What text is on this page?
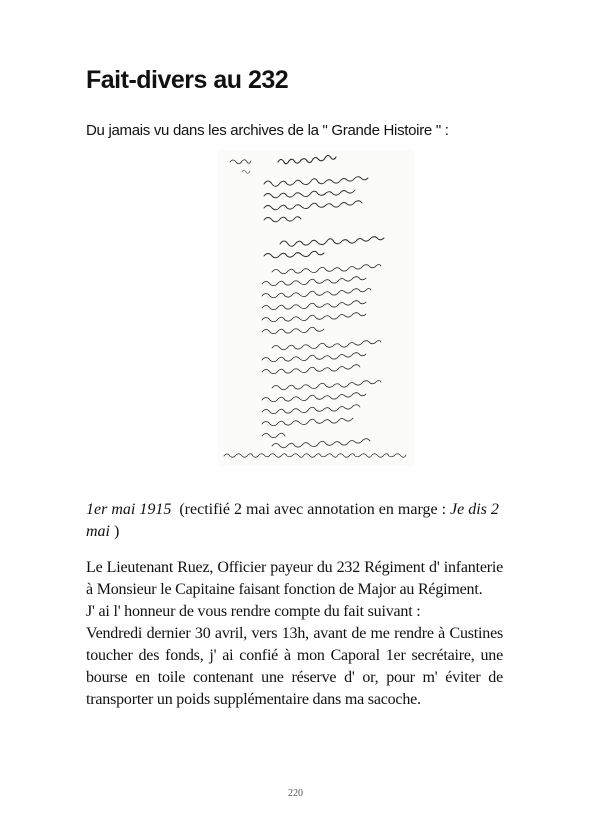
Fait-divers au 232
Du jamais vu dans les archives de la " Grande Histoire " :
1er mai 1915 (rectifié 2 mai avec annotation en marge : Je dis 2 mai )

Le Lieutenant Ruez, Officier payeur du 232 Régiment d' infanterie à Monsieur le Capitaine faisant fonction de Major au Régiment.

J' ai l' honneur de vous rendre compte du fait suivant :

Vendredi dernier 30 avril, vers 13h, avant de me rendre à Custines toucher des fonds, j' ai confié à mon Caporal 1er secrétaire, une bourse en toile contenant une réserve d' or, pour m' éviter de transporter un poids supplémentaire dans ma sacoche.

220
